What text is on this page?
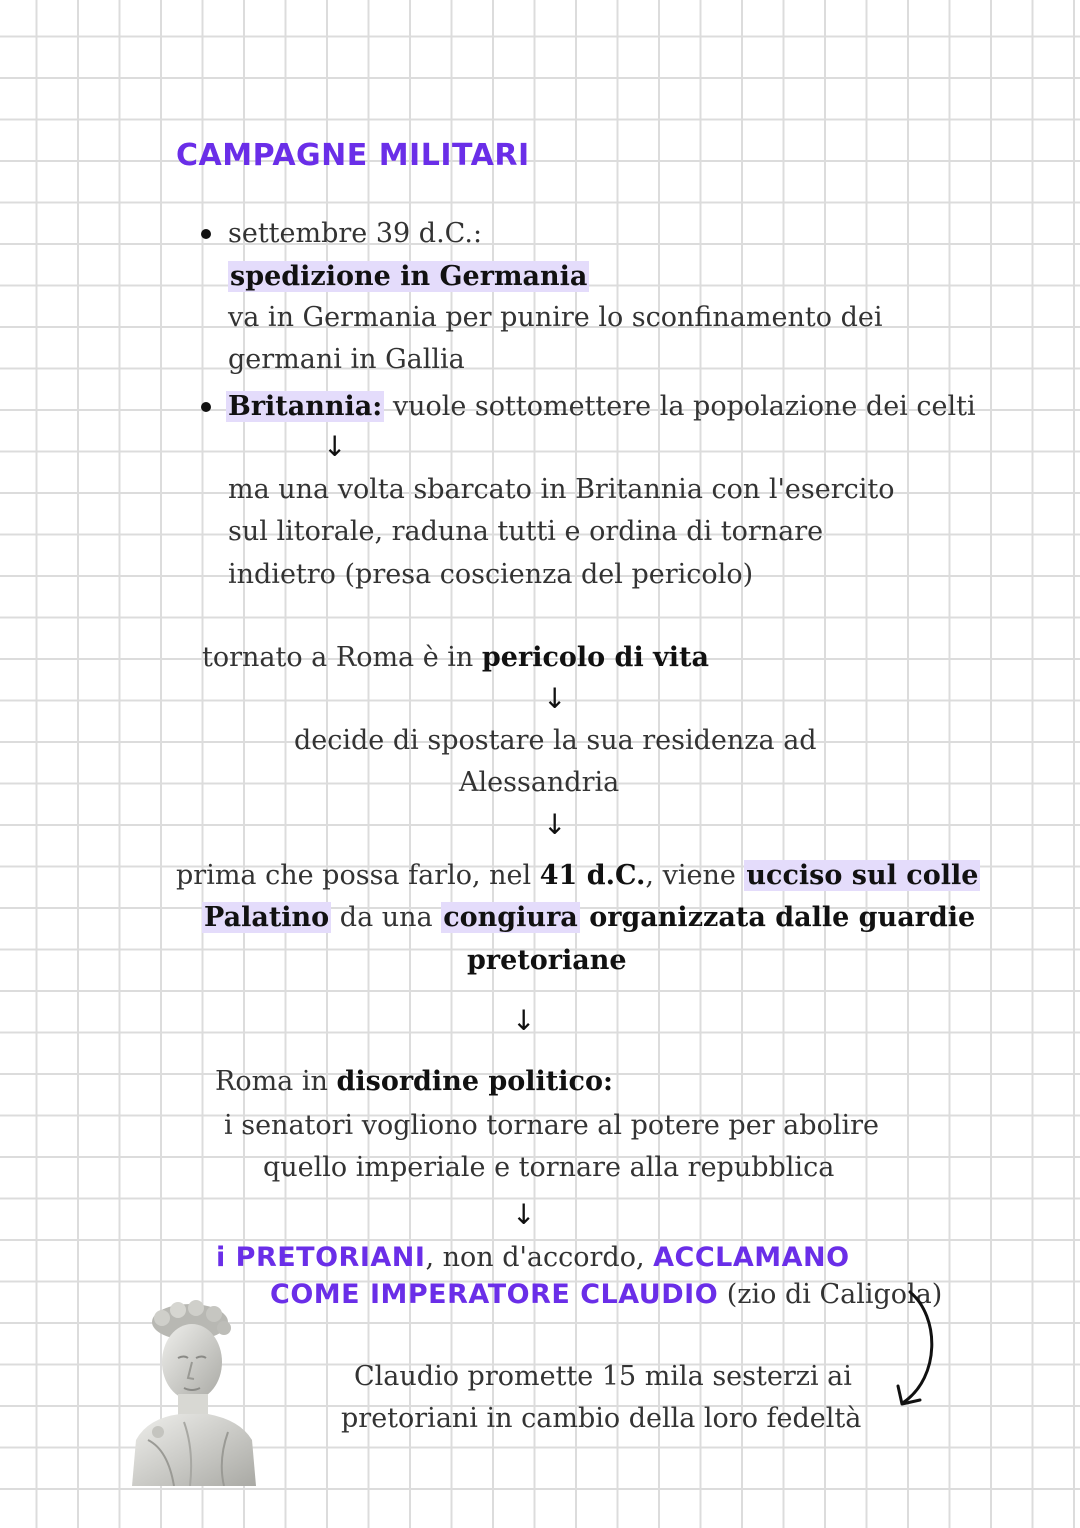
CAMPAGNE MILITARI
settembre 39 d.C.:
spedizione in Germania
va in Germania per punire lo sconfinamento dei
germani in Gallia
Britannia: vuole sottomettere la popolazione dei celti
↓
ma una volta sbarcato in Britannia con l'esercito
sul litorale, raduna tutti e ordina di tornare
indietro (presa coscienza del pericolo)
tornato a Roma è in pericolo di vita
↓
decide di spostare la sua residenza ad
Alessandria
↓
prima che possa farlo, nel 41 d.C., viene ucciso sul colle
Palatino da una congiura organizzata dalle guardie
pretoriane
↓
Roma in disordine politico:
i senatori vogliono tornare al potere per abolire
quello imperiale e tornare alla repubblica
↓
i PRETORIANI, non d'accordo, ACCLAMANO
COME IMPERATORE CLAUDIO (zio di Caligola)
Claudio promette 15 mila sesterzi ai
pretoriani in cambio della loro fedeltà
